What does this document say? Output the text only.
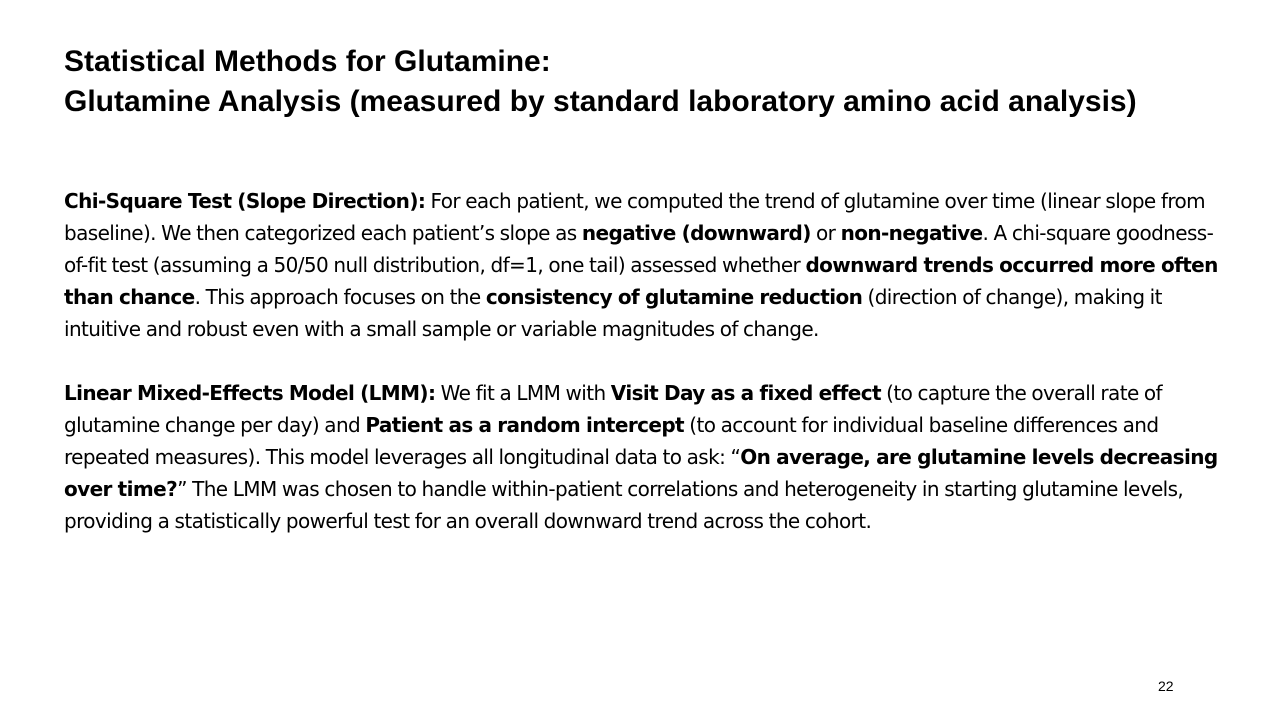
Statistical Methods for Glutamine:
Glutamine Analysis (measured by standard laboratory amino acid analysis)

Chi-Square Test (Slope Direction): For each patient, we computed the trend of glutamine over time (linear slope from baseline). We then categorized each patient’s slope as negative (downward) or non-negative. A chi-square goodness-of-fit test (assuming a 50/50 null distribution, df=1, one tail) assessed whether downward trends occurred more often than chance. This approach focuses on the consistency of glutamine reduction (direction of change), making it intuitive and robust even with a small sample or variable magnitudes of change.

Linear Mixed-Effects Model (LMM): We fit a LMM with Visit Day as a fixed effect (to capture the overall rate of glutamine change per day) and Patient as a random intercept (to account for individual baseline differences and repeated measures). This model leverages all longitudinal data to ask: “On average, are glutamine levels decreasing over time?” The LMM was chosen to handle within-patient correlations and heterogeneity in starting glutamine levels, providing a statistically powerful test for an overall downward trend across the cohort.

22
